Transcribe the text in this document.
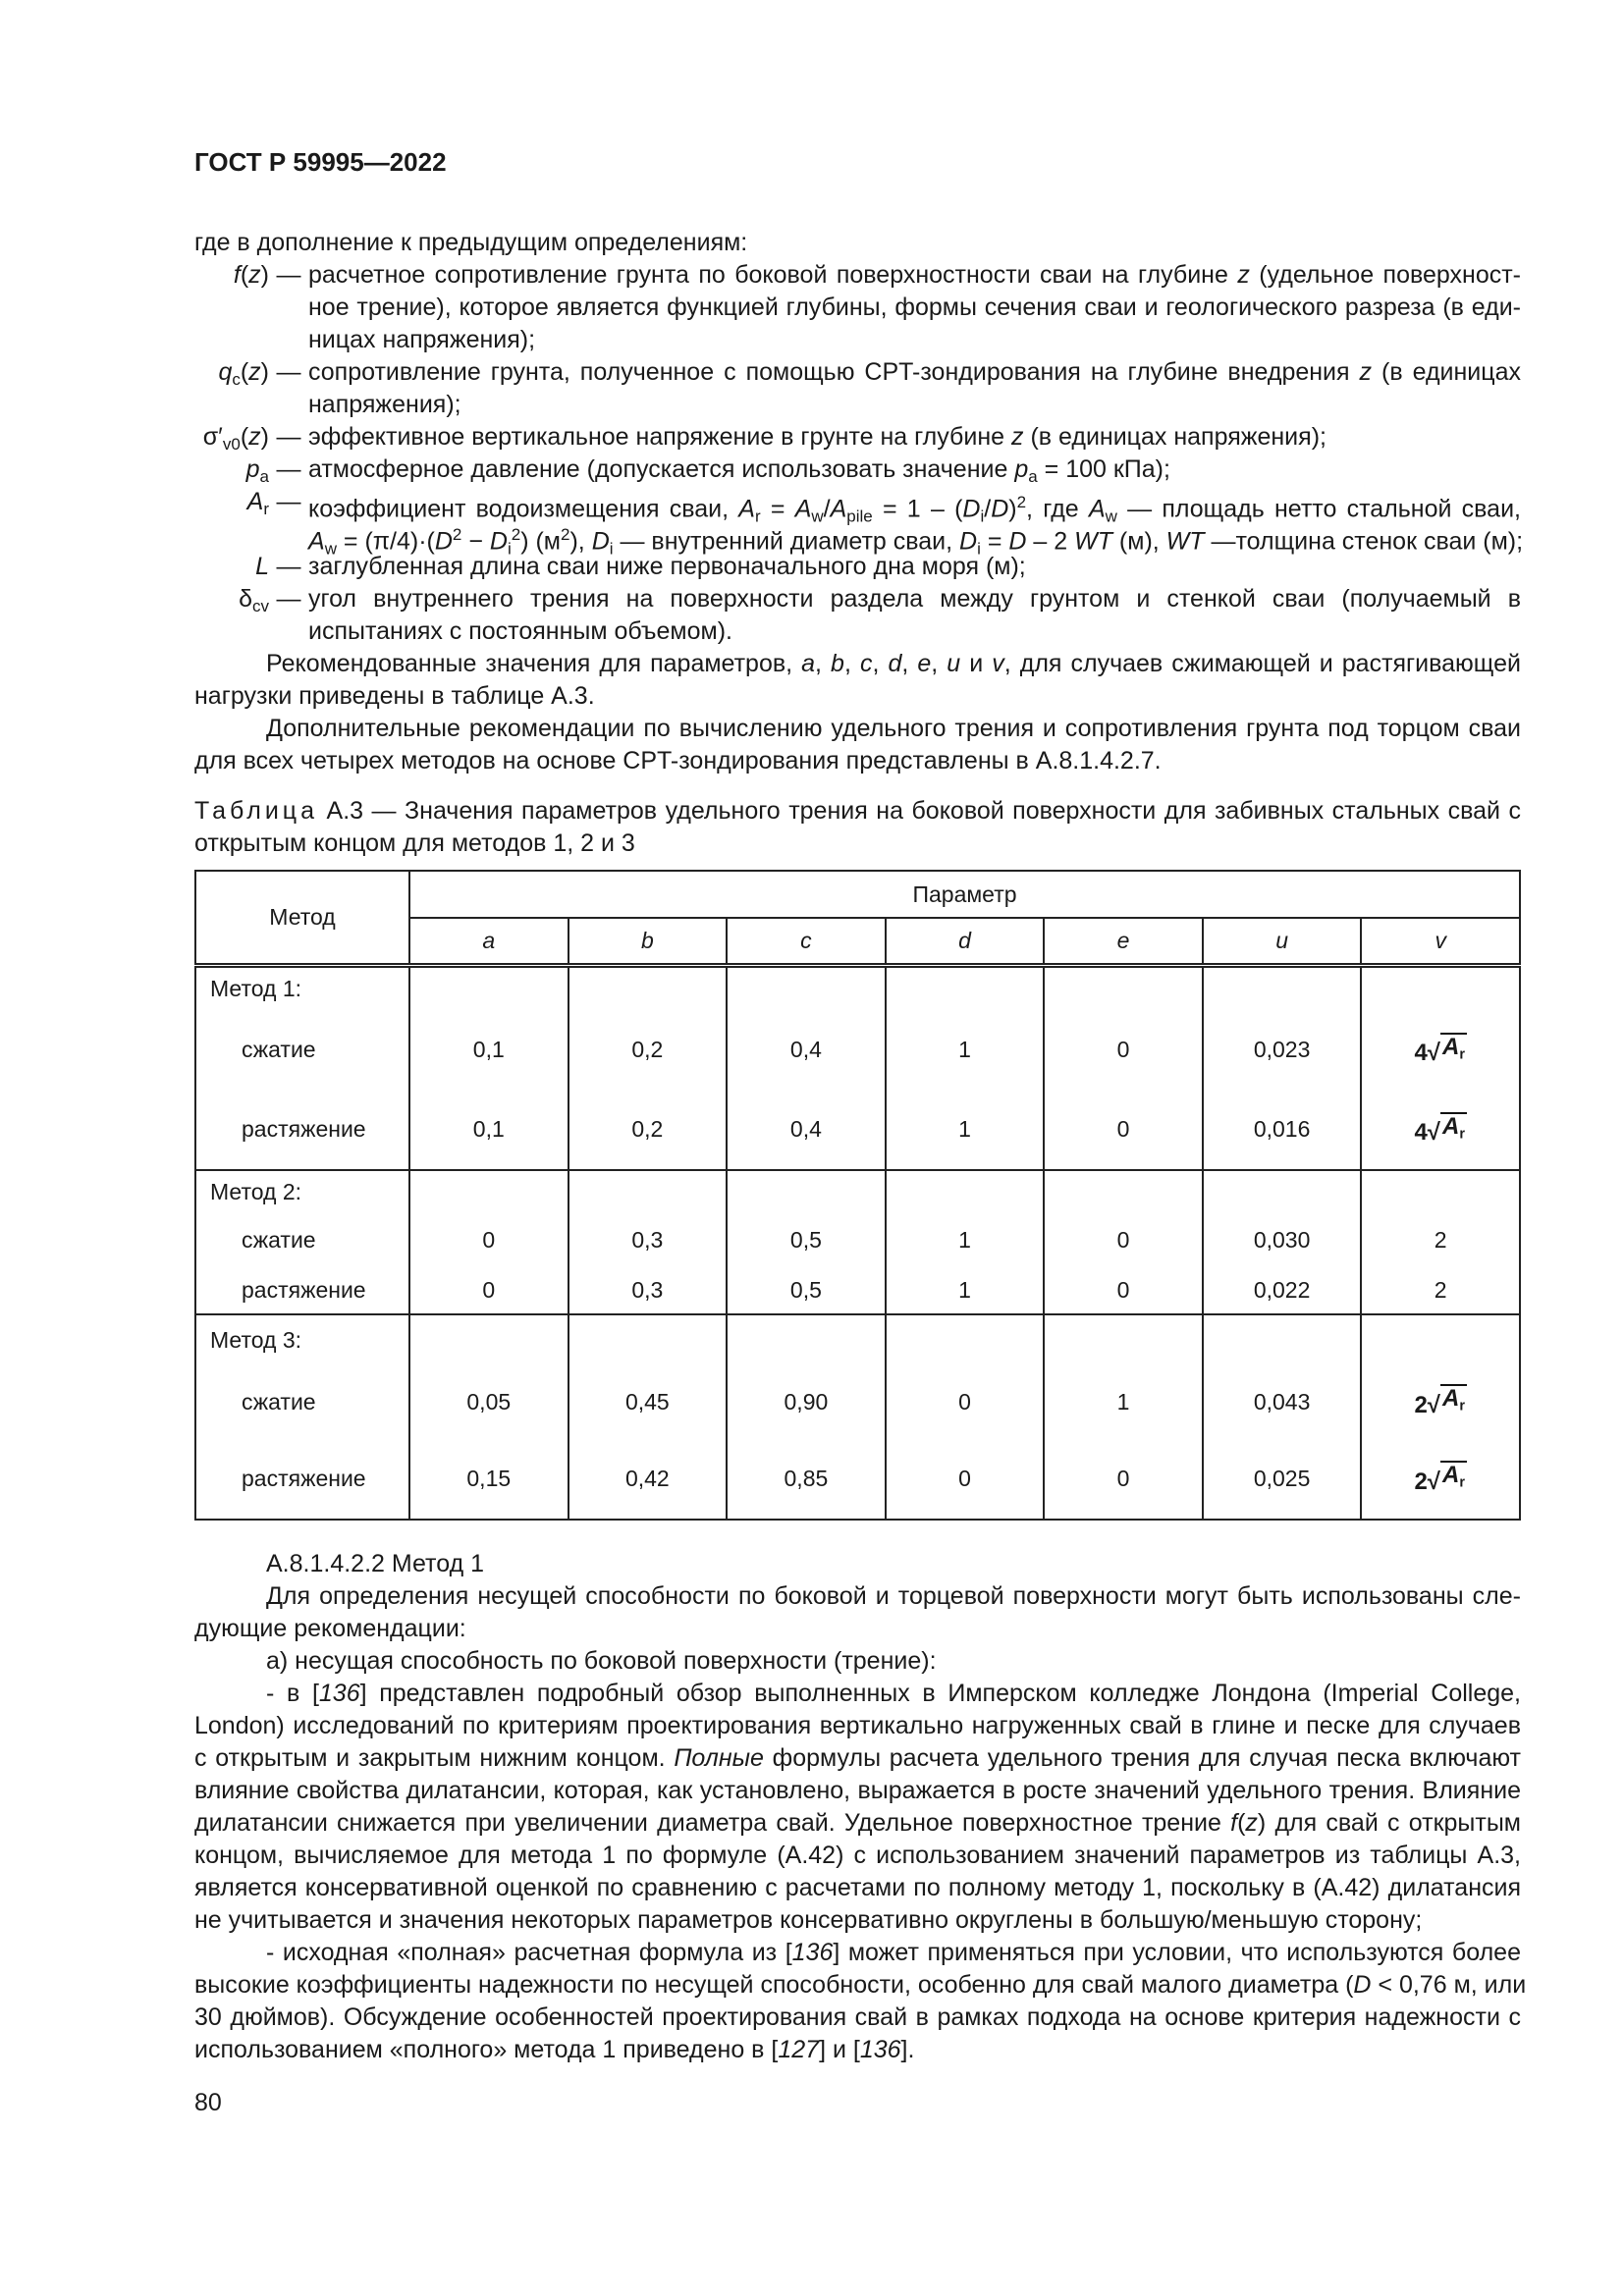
ГОСТ Р 59995—2022
где в дополнение к предыдущим определениям:
f(z) — расчетное сопротивление грунта по боковой поверхностности сваи на глубине z (удельное поверхност-
ное трение), которое является функцией глубины, формы сечения сваи и геологического разреза (в еди-
ницах напряжения);
$q_c(z)$ — сопротивление грунта, полученное с помощью CPT-зондирования на глубине внедрения z (в единицах
напряжения);
$\sigma'_{v0}(z)$ — эффективное вертикальное напряжение в грунте на глубине z (в единицах напряжения);
$p_a$ — атмосферное давление (допускается использовать значение $p_a = 100$ кПа);
$A_r$ — коэффициент водоизмещения сваи, $A_r = A_w/A_{pile} = 1 - (D_i/D)^2$, где $A_w$ — площадь нетто стальной сваи,
$A_w = (\pi/4)\cdot(D^2 - D_i^2)$ $(м^2)$, $D_i$ — внутренний диаметр сваи, $D_i = D - 2$ WT (м), WT —толщина стенок сваи (м);
L — заглубленная длина сваи ниже первоначального дна моря (м);
$\delta_{cv}$ — угол внутреннего трения на поверхности раздела между грунтом и стенкой сваи (получаемый в
испытаниях с постоянным объемом).
Рекомендованные значения для параметров, a, b, c, d, e, u и v, для случаев сжимающей и растягивающей
нагрузки приведены в таблице А.3.
Дополнительные рекомендации по вычислению удельного трения и сопротивления грунта под торцом сваи
для всех четырех методов на основе CPT-зондирования представлены в А.8.1.4.2.7.
Таблица А.3 — Значения параметров удельного трения на боковой поверхности для забивных стальных свай с
открытым концом для методов 1, 2 и 3
Метод	Параметр						
	a	b	c	d	e	u	v
Метод 1:							
сжатие	0,1	0,2	0,4	1	0	0,023	4 √ $A_r$

растяжение	0,1	0,2	0,4	1	0	0,016	4 √ $A_r$

Метод 2:							
сжатие	0	0,3	0,5	1	0	0,030	2
растяжение	0	0,3	0,5	1	0	0,022	2
Метод 3:							
сжатие	0,05	0,45	0,90	0	1	0,043	2 √ $A_r$

растяжение	0,15	0,42	0,85	0	0	0,025	2 √ $A_r$
А.8.1.4.2.2 Метод 1
Для определения несущей способности по боковой и торцевой поверхности могут быть использованы сле-
дующие рекомендации:
а) несущая способность по боковой поверхности (трение):
- в [136] представлен подробный обзор выполненных в Имперском колледже Лондона (Imperial College,
London) исследований по критериям проектирования вертикально нагруженных свай в глине и песке для случаев
с открытым и закрытым нижним концом. Полные формулы расчета удельного трения для случая песка включают
влияние свойства дилатансии, которая, как установлено, выражается в росте значений удельного трения. Влияние
дилатансии снижается при увеличении диаметра свай. Удельное поверхностное трение f(z) для свай с открытым
концом, вычисляемое для метода 1 по формуле (А.42) с использованием значений параметров из таблицы А.3,
является консервативной оценкой по сравнению с расчетами по полному методу 1, поскольку в (А.42) дилатансия
не учитывается и значения некоторых параметров консервативно округлены в большую/меньшую сторону;
- исходная «полная» расчетная формула из [136] может применяться при условии, что используются более
высокие коэффициенты надежности по несущей способности, особенно для свай малого диаметра (D < 0,76 м, или
30 дюймов). Обсуждение особенностей проектирования свай в рамках подхода на основе критерия надежности с
использованием «полного» метода 1 приведено в [127] и [136].
80
